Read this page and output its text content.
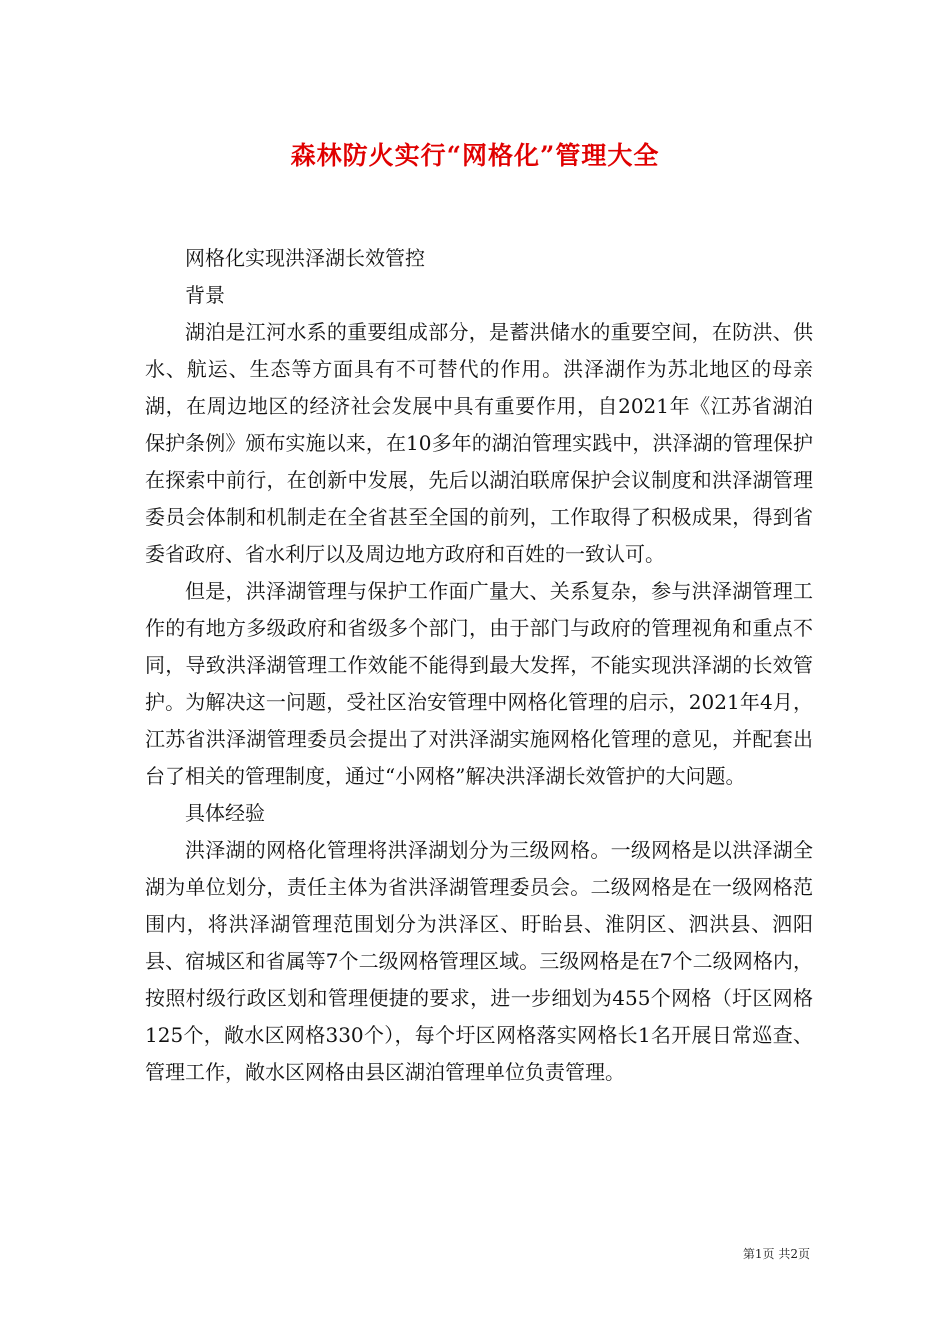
森林防火实行“网格化”管理大全

网格化实现洪泽湖长效管控

背景

湖泊是江河水系的重要组成部分，是蓄洪储水的重要空间，在防洪、供水、航运、生态等方面具有不可替代的作用。洪泽湖作为苏北地区的母亲湖，在周边地区的经济社会发展中具有重要作用，自2021年《江苏省湖泊保护条例》颁布实施以来，在10多年的湖泊管理实践中，洪泽湖的管理保护在探索中前行，在创新中发展，先后以湖泊联席保护会议制度和洪泽湖管理委员会体制和机制走在全省甚至全国的前列，工作取得了积极成果，得到省委省政府、省水利厅以及周边地方政府和百姓的一致认可。

但是，洪泽湖管理与保护工作面广量大、关系复杂，参与洪泽湖管理工作的有地方多级政府和省级多个部门，由于部门与政府的管理视角和重点不同，导致洪泽湖管理工作效能不能得到最大发挥，不能实现洪泽湖的长效管护。为解决这一问题，受社区治安管理中网格化管理的启示，2021年4月，江苏省洪泽湖管理委员会提出了对洪泽湖实施网格化管理的意见，并配套出台了相关的管理制度，通过“小网格”解决洪泽湖长效管护的大问题。

具体经验

洪泽湖的网格化管理将洪泽湖划分为三级网格。一级网格是以洪泽湖全湖为单位划分，责任主体为省洪泽湖管理委员会。二级网格是在一级网格范围内，将洪泽湖管理范围划分为洪泽区、盱眙县、淮阴区、泗洪县、泗阳县、宿城区和省属等7个二级网格管理区域。三级网格是在7个二级网格内，按照村级行政区划和管理便捷的要求，进一步细划为455个网格（圩区网格125个，敞水区网格330个），每个圩区网格落实网格长1名开展日常巡查、管理工作，敞水区网格由县区湖泊管理单位负责管理。

第1页 共2页
